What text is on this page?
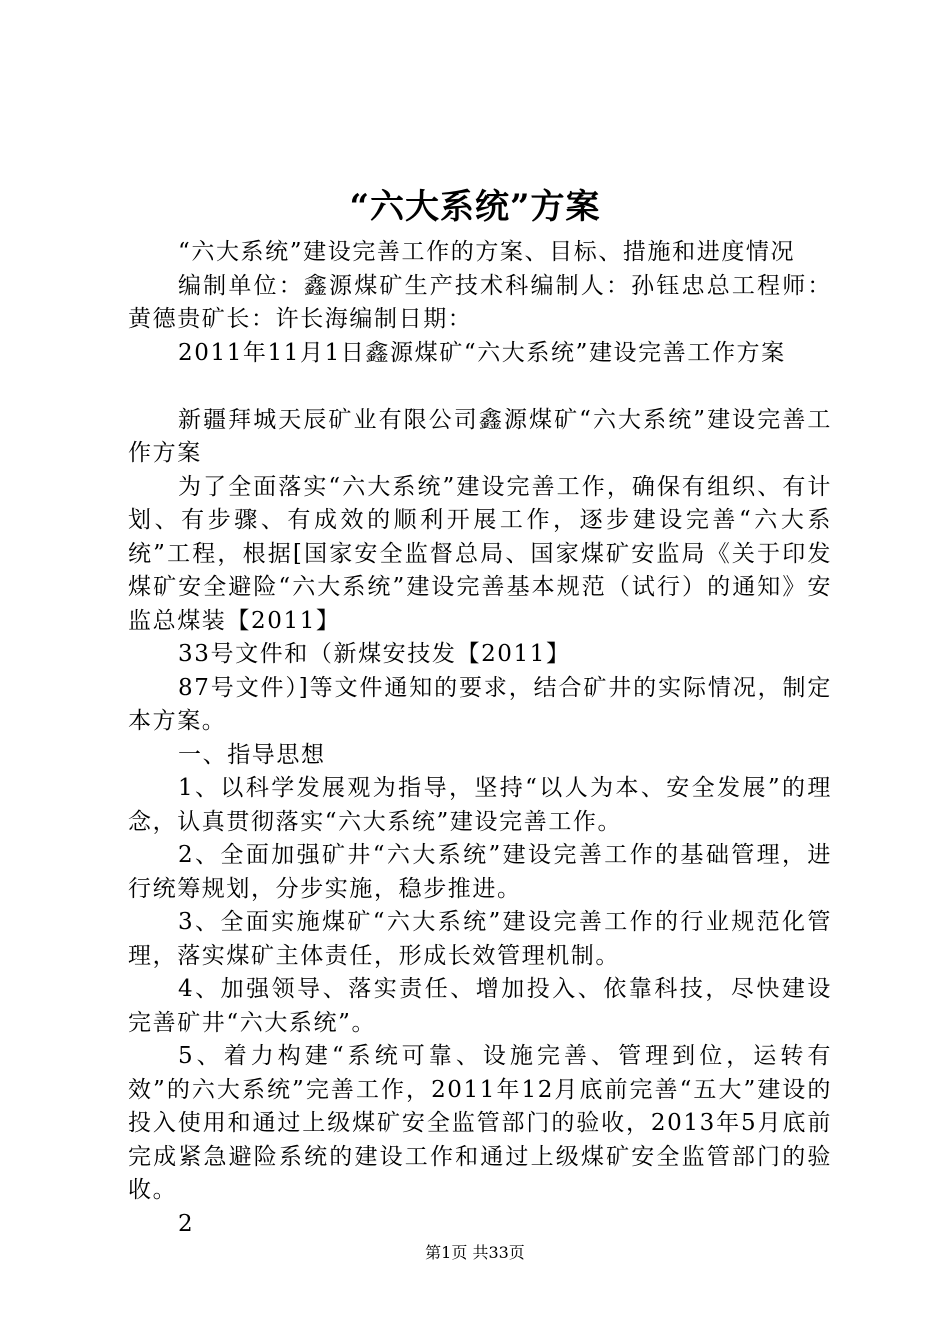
“六大系统”方案

“六大系统”建设完善工作的方案、目标、措施和进度情况

编制单位：鑫源煤矿生产技术科编制人：孙钰忠总工程师：黄德贵矿长：许长海编制日期：

2011年11月1日鑫源煤矿“六大系统”建设完善工作方案

新疆拜城天辰矿业有限公司鑫源煤矿“六大系统”建设完善工作方案

为了全面落实“六大系统”建设完善工作，确保有组织、有计划、有步骤、有成效的顺利开展工作，逐步建设完善“六大系统”工程，根据[国家安全监督总局、国家煤矿安监局《关于印发煤矿安全避险“六大系统”建设完善基本规范（试行）的通知》安监总煤装【2011】

33号文件和（新煤安技发【2011】

87号文件）]等文件通知的要求，结合矿井的实际情况，制定本方案。

一、指导思想

1、以科学发展观为指导，坚持“以人为本、安全发展”的理念，认真贯彻落实“六大系统”建设完善工作。

2、全面加强矿井“六大系统”建设完善工作的基础管理，进行统筹规划，分步实施，稳步推进。

3、全面实施煤矿“六大系统”建设完善工作的行业规范化管理，落实煤矿主体责任，形成长效管理机制。

4、加强领导、落实责任、增加投入、依靠科技，尽快建设完善矿井“六大系统”。

5、着力构建“系统可靠、设施完善、管理到位，运转有效”的六大系统”完善工作，2011年12月底前完善“五大”建设的投入使用和通过上级煤矿安全监管部门的验收，2013年5月底前完成紧急避险系统的建设工作和通过上级煤矿安全监管部门的验收。

2

第1页 共33页
